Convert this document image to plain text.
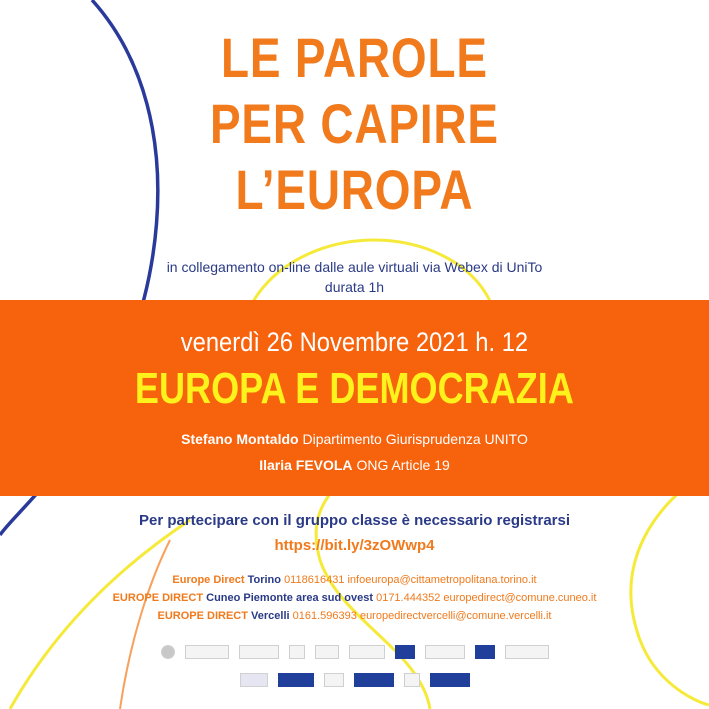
LE PAROLE
PER CAPIRE
L’EUROPA
in collegamento on-line dalle aule virtuali via Webex di UniTo
durata 1h
venerdì 26 Novembre 2021 h. 12
EUROPA E DEMOCRAZIA
Stefano Montaldo Dipartimento Giurisprudenza UNITO
Ilaria FEVOLA ONG Article 19
Per partecipare con il gruppo classe è necessario registrarsi
https://bit.ly/3zOWwp4
Europe Direct Torino 0118616431 infoeuropa@cittametropolitana.torino.it
EUROPE DIRECT Cuneo Piemonte area sud ovest 0171.444352 europedirect@comune.cuneo.it
EUROPE DIRECT Vercelli 0161.596393 europedirectvercelli@comune.vercelli.it
